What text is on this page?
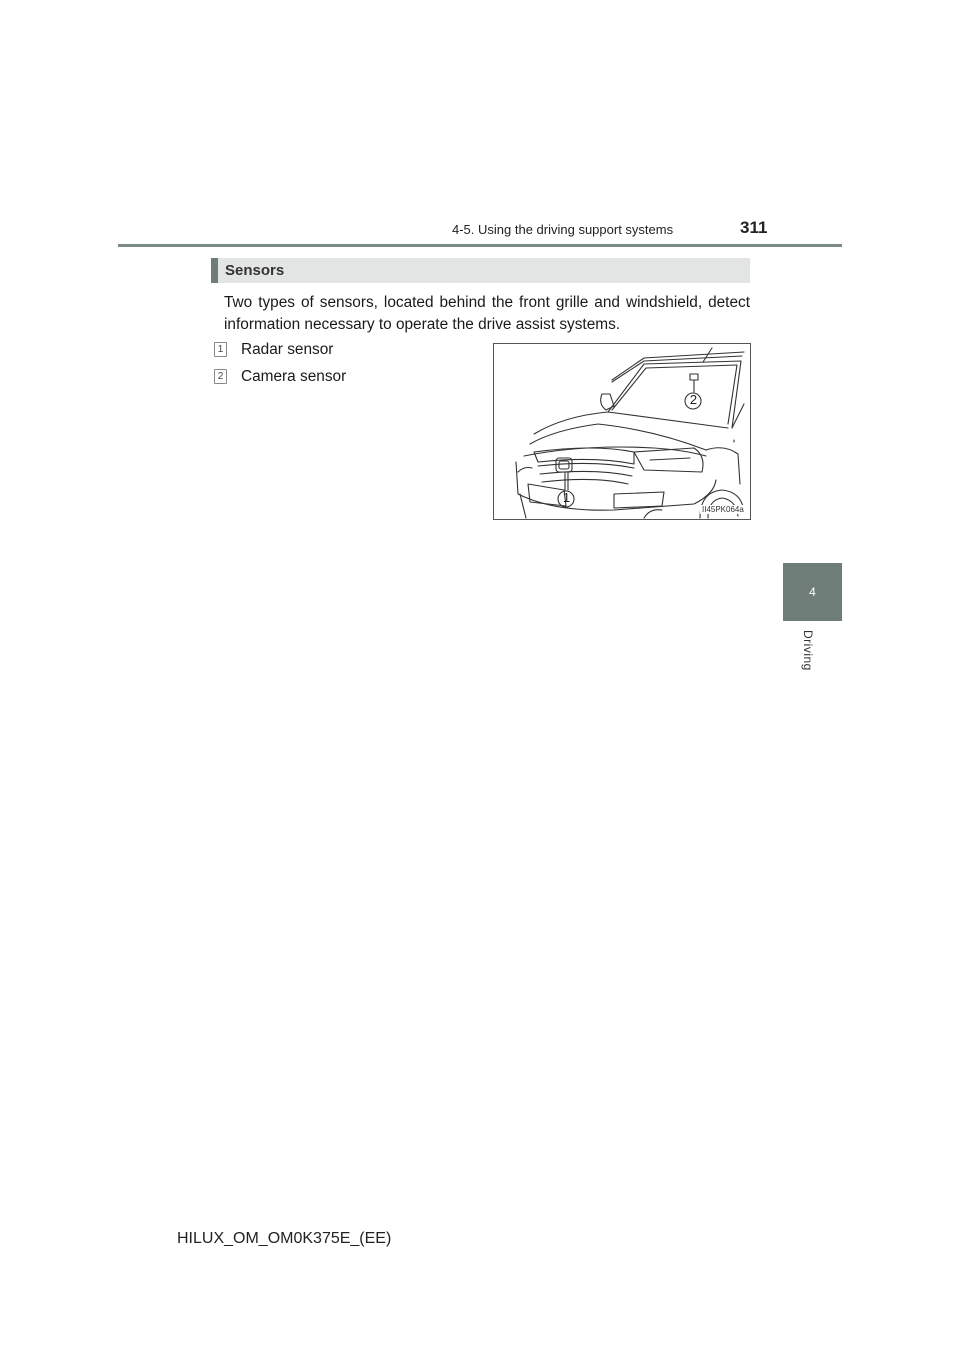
4-5. Using the driving support systems	311
4
Driving
Sensors
Two types of sensors, located behind the front grille and windshield, detect information necessary to operate the drive assist systems.
1 Radar sensor
2 Camera sensor
1
2
II45PK064a
HILUX_OM_OM0K375E_(EE)
